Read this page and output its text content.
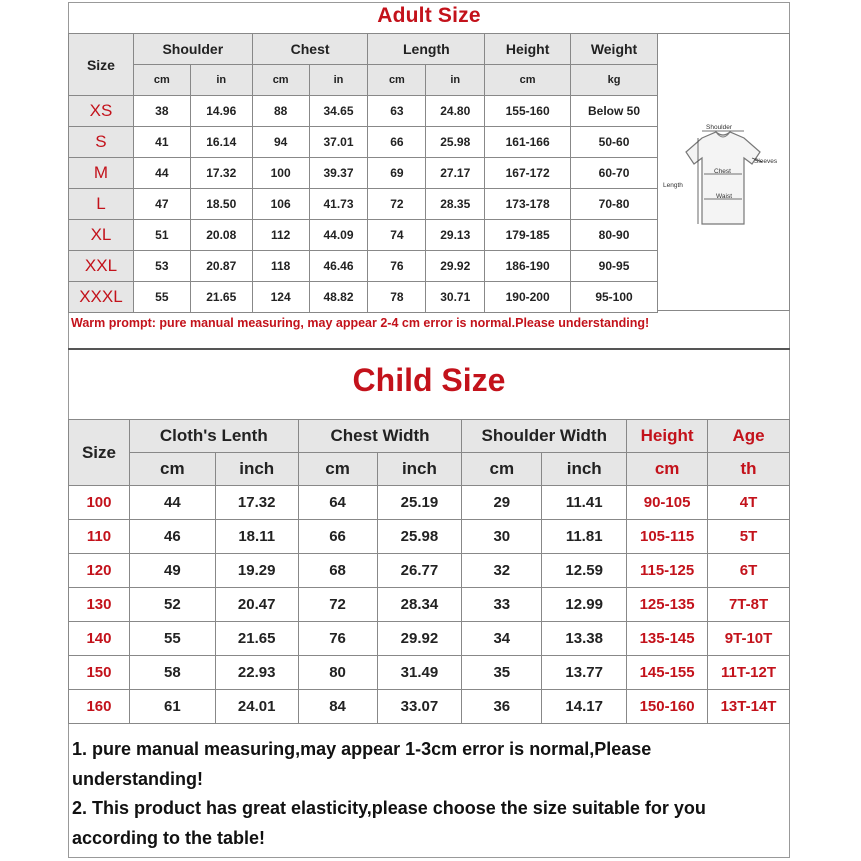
Adult Size
Size	Shoulder		Chest		Length		Height	Weight
	cm	in	cm	in	cm	in	cm	kg
XS	38	14.96	88	34.65	63	24.80	155-160	Below 50
S	41	16.14	94	37.01	66	25.98	161-166	50-60
M	44	17.32	100	39.37	69	27.17	167-172	60-70
L	47	18.50	106	41.73	72	28.35	173-178	70-80
XL	51	20.08	112	44.09	74	29.13	179-185	80-90
XXL	53	20.87	118	46.46	76	29.92	186-190	90-95
XXXL	55	21.65	124	48.82	78	30.71	190-200	95-100
Shoulder
Sleeves
Chest
Length
Waist
Warm prompt: pure manual measuring, may appear 2-4 cm error is normal.Please understanding!
Child Size
Size	Cloth's Lenth		Chest Width		Shoulder Width		Height	Age
	cm	inch	cm	inch	cm	inch	cm	th
100	44	17.32	64	25.19	29	11.41	90-105	4T
110	46	18.11	66	25.98	30	11.81	105-115	5T
120	49	19.29	68	26.77	32	12.59	115-125	6T
130	52	20.47	72	28.34	33	12.99	125-135	7T-8T
140	55	21.65	76	29.92	34	13.38	135-145	9T-10T
150	58	22.93	80	31.49	35	13.77	145-155	11T-12T
160	61	24.01	84	33.07	36	14.17	150-160	13T-14T

1. pure manual measuring,may appear 1-3cm error is normal,Please understanding!

2. This product has great elasticity,please choose the size suitable for you according to the table!
